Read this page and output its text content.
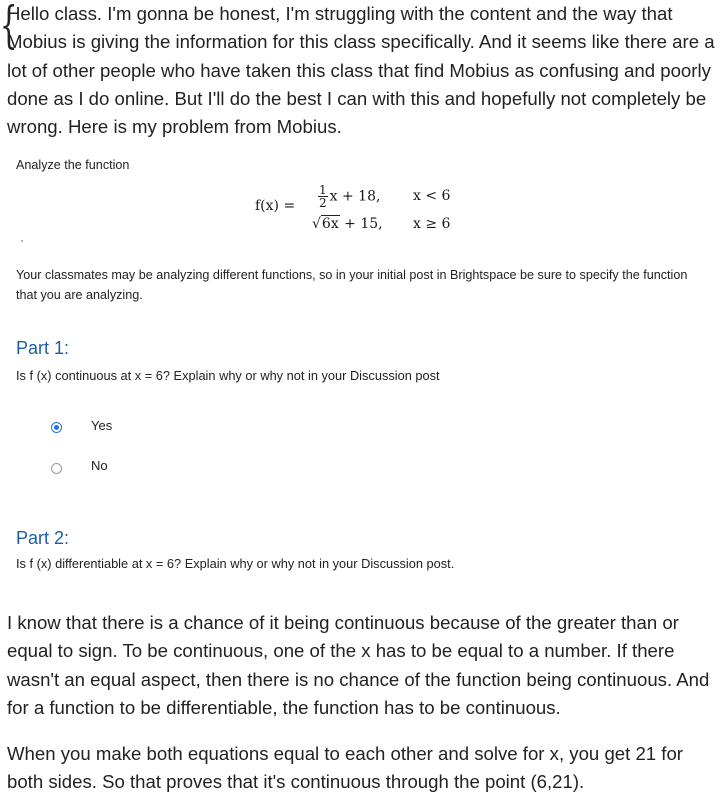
Hello class. I'm gonna be honest, I'm struggling with the content and the way that Mobius is giving the information for this class specifically. And it seems like there are a lot of other people who have taken this class that find Mobius as confusing and poorly done as I do online. But I'll do the best I can with this and hopefully not completely be wrong. Here is my problem from Mobius.
Analyze the function
f(x) =
{
$\frac{1}{2}$ x + 18, x < 6
√6x + 15, x ≥ 6
Your classmates may be analyzing different functions, so in your initial post in Brightspace be sure to specify the function that you are analyzing.
Part 1:
Is f (x) continuous at x = 6? Explain why or why not in your Discussion post
Yes
No
Part 2:
Is f (x) differentiable at x = 6? Explain why or why not in your Discussion post.
I know that there is a chance of it being continuous because of the greater than or equal to sign. To be continuous, one of the x has to be equal to a number. If there wasn't an equal aspect, then there is no chance of the function being continuous. And for a function to be differentiable, the function has to be continuous.
When you make both equations equal to each other and solve for x, you get 21 for both sides. So that proves that it's continuous through the point (6,21).
